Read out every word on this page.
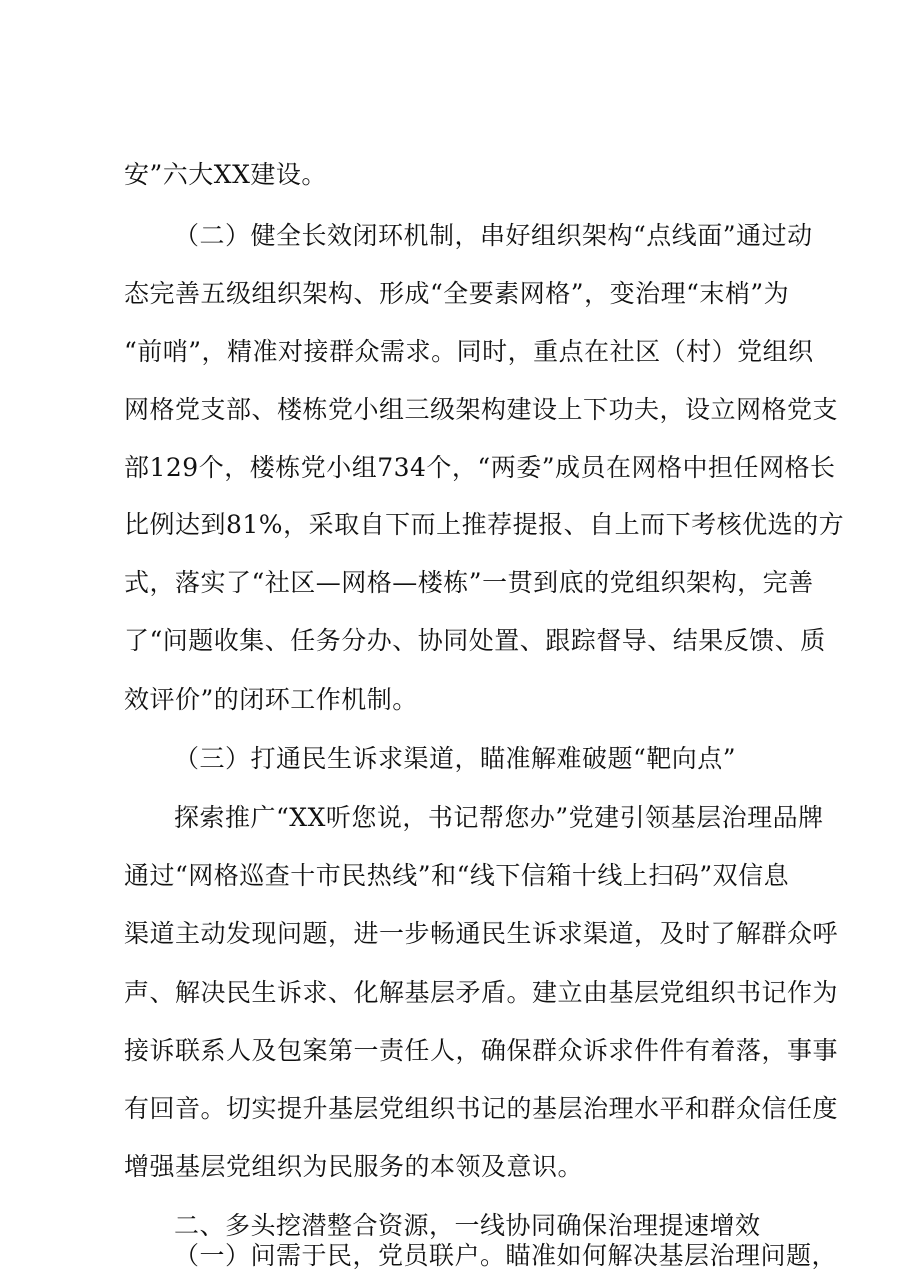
安”六大XX建设。
（二）健全长效闭环机制，串好组织架构“点线面”通过动
态完善五级组织架构、形成“全要素网格”，变治理“末梢”为
“前哨”，精准对接群众需求。同时，重点在社区（村）党组织
网格党支部、楼栋党小组三级架构建设上下功夫，设立网格党支
部129个，楼栋党小组734个，“两委”成员在网格中担任网格长
比例达到81%，采取自下而上推荐提报、自上而下考核优选的方
式，落实了“社区—网格—楼栋”一贯到底的党组织架构，完善
了“问题收集、任务分办、协同处置、跟踪督导、结果反馈、质
效评价”的闭环工作机制。
（三）打通民生诉求渠道，瞄准解难破题“靶向点”
探索推广“XX听您说，书记帮您办”党建引领基层治理品牌
通过“网格巡查十市民热线”和“线下信箱十线上扫码”双信息
渠道主动发现问题，进一步畅通民生诉求渠道，及时了解群众呼
声、解决民生诉求、化解基层矛盾。建立由基层党组织书记作为
接诉联系人及包案第一责任人，确保群众诉求件件有着落，事事
有回音。切实提升基层党组织书记的基层治理水平和群众信任度
增强基层党组织为民服务的本领及意识。
二、多头挖潜整合资源，一线协同确保治理提速增效
（一）问需于民，党员联户。瞄准如何解决基层治理问题，
